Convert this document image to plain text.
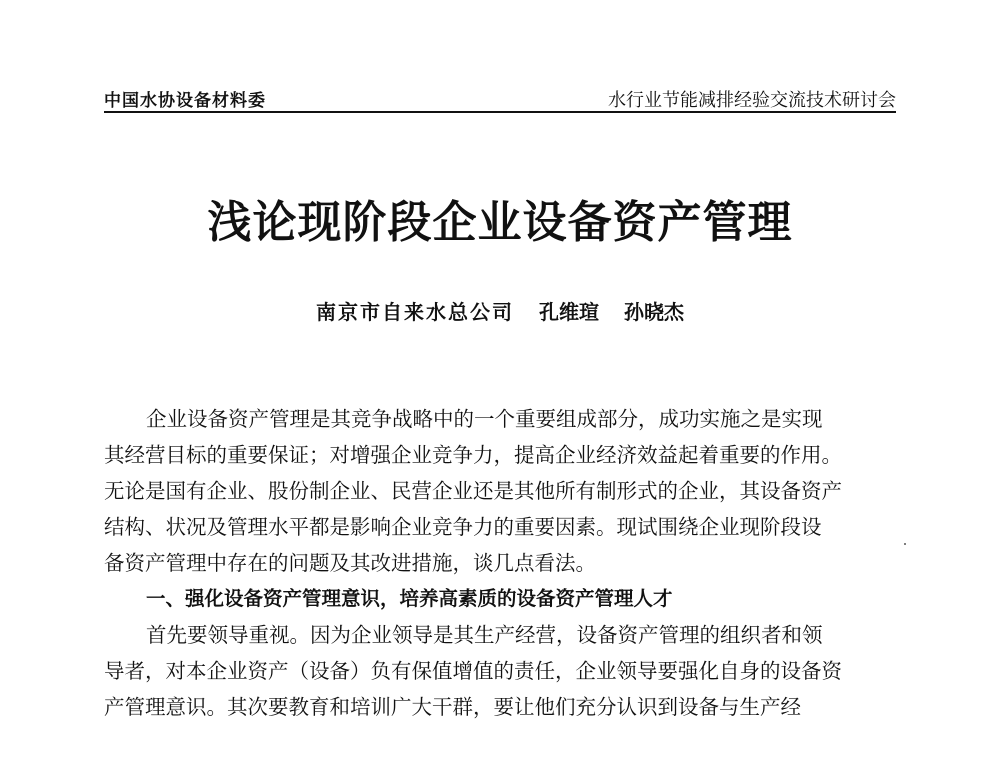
中国水协设备材料委	水行业节能减排经验交流技术研讨会
浅论现阶段企业设备资产管理
南京市自来水总公司 孔维瑄 孙晓杰
企业设备资产管理是其竞争战略中的一个重要组成部分，成功实施之是实现
其经营目标的重要保证；对增强企业竞争力，提高企业经济效益起着重要的作用。
无论是国有企业、股份制企业、民营企业还是其他所有制形式的企业，其设备资产
结构、状况及管理水平都是影响企业竞争力的重要因素。现试围绕企业现阶段设
备资产管理中存在的问题及其改进措施，谈几点看法。
一、强化设备资产管理意识，培养高素质的设备资产管理人才
首先要领导重视。因为企业领导是其生产经营，设备资产管理的组织者和领
导者，对本企业资产（设备）负有保值增值的责任，企业领导要强化自身的设备资
产管理意识。其次要教育和培训广大干群，要让他们充分认识到设备与生产经
